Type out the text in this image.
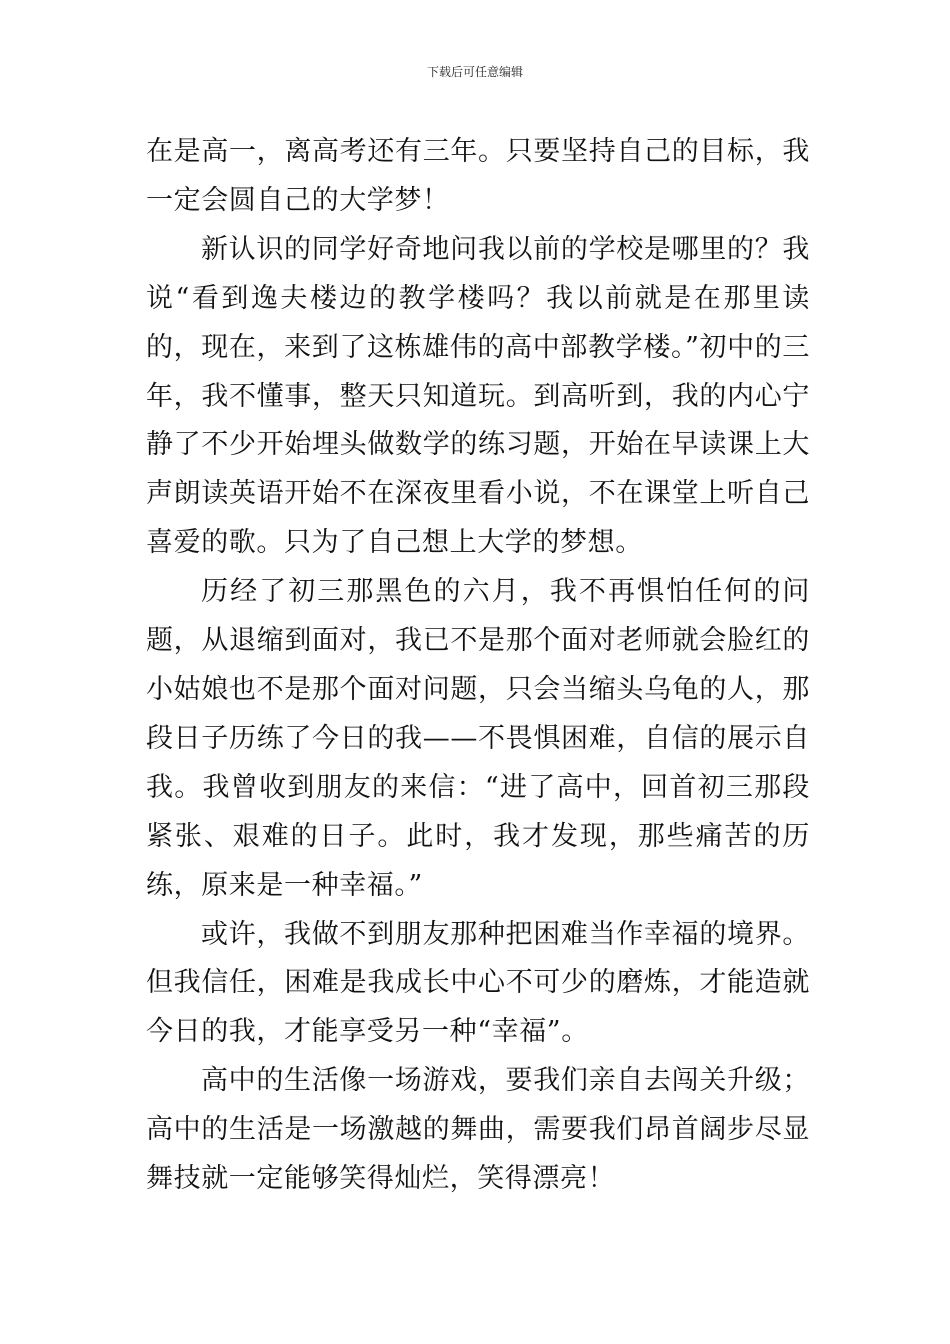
下载后可任意编辑

在是高一，离高考还有三年。只要坚持自己的目标，我一定会圆自己的大学梦！

新认识的同学好奇地问我以前的学校是哪里的？我说“看到逸夫楼边的教学楼吗？我以前就是在那里读的，现在，来到了这栋雄伟的高中部教学楼。”初中的三年，我不懂事，整天只知道玩。到高听到，我的内心宁静了不少开始埋头做数学的练习题，开始在早读课上大声朗读英语开始不在深夜里看小说，不在课堂上听自己喜爱的歌。只为了自己想上大学的梦想。

历经了初三那黑色的六月，我不再惧怕任何的问题，从退缩到面对，我已不是那个面对老师就会脸红的小姑娘也不是那个面对问题，只会当缩头乌龟的人，那段日子历练了今日的我——不畏惧困难，自信的展示自我。我曾收到朋友的来信：“进了高中，回首初三那段紧张、艰难的日子。此时，我才发现，那些痛苦的历练，原来是一种幸福。”

或许，我做不到朋友那种把困难当作幸福的境界。但我信任，困难是我成长中心不可少的磨炼，才能造就今日的我，才能享受另一种“幸福”。

高中的生活像一场游戏，要我们亲自去闯关升级；高中的生活是一场激越的舞曲，需要我们昂首阔步尽显舞技就一定能够笑得灿烂，笑得漂亮！
